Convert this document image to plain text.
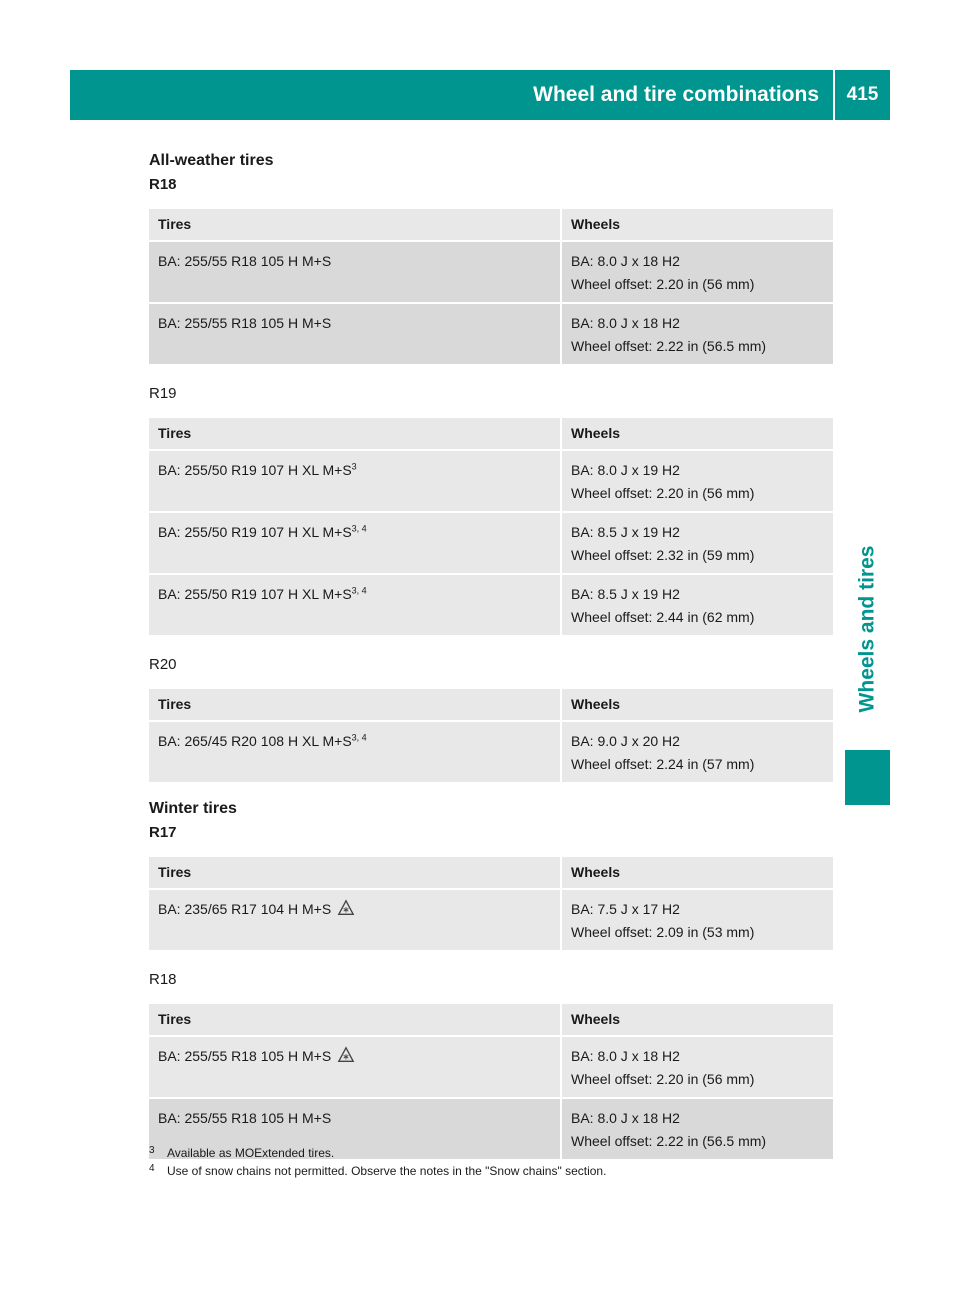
Wheel and tire combinations	415
Wheels and tires
All-weather tires
R18
Tires	Wheels
BA: 255/55 R18 105 H M+S	BA: 8.0 J x 18 H2
Wheel offset: 2.20 in (56 mm)

BA: 255/55 R18 105 H M+S	BA: 8.0 J x 18 H2
Wheel offset: 2.22 in (56.5 mm)
R19
Tires	Wheels
BA: 255/50 R19 107 H XL $M+S^3$	BA: 8.0 J x 19 H2
Wheel offset: 2.20 in (56 mm)

BA: 255/50 R19 107 H XL $M+S^{3, 4}$	BA: 8.5 J x 19 H2
Wheel offset: 2.32 in (59 mm)

BA: 255/50 R19 107 H XL $M+S^{3, 4}$	BA: 8.5 J x 19 H2
Wheel offset: 2.44 in (62 mm)
R20
Tires	Wheels
BA: 265/45 R20 108 H XL $M+S^{3, 4}$	BA: 9.0 J x 20 H2
Wheel offset: 2.24 in (57 mm)
Winter tires
R17
Tires	Wheels
BA: 235/65 R17 104 H M+S	BA: 7.5 J x 17 H2
Wheel offset: 2.09 in (53 mm)
R18
Tires	Wheels
BA: 255/55 R18 105 H M+S	BA: 8.0 J x 18 H2
Wheel offset: 2.20 in (56 mm)

BA: 255/55 R18 105 H M+S	BA: 8.0 J x 18 H2
Wheel offset: 2.22 in (56.5 mm)
3	Available as MOExtended tires.
4	Use of snow chains not permitted. Observe the notes in the "Snow chains" section.
